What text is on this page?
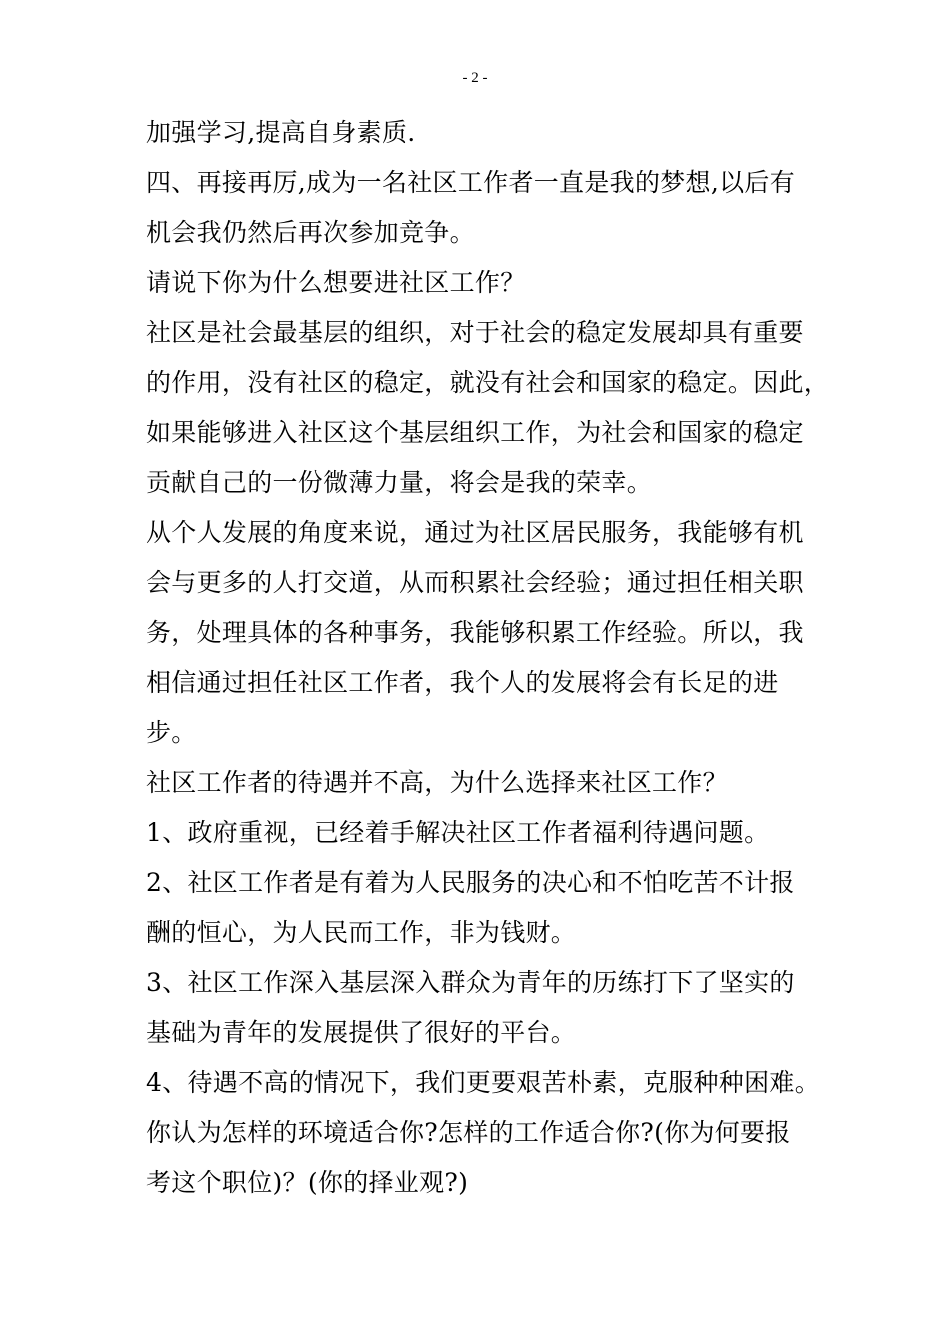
- 2 -
加强学习,提高自身素质.
四、再接再厉,成为一名社区工作者一直是我的梦想,以后有
机会我仍然后再次参加竞争。
请说下你为什么想要进社区工作？
社区是社会最基层的组织，对于社会的稳定发展却具有重要
的作用，没有社区的稳定，就没有社会和国家的稳定。因此，
如果能够进入社区这个基层组织工作，为社会和国家的稳定
贡献自己的一份微薄力量，将会是我的荣幸。
从个人发展的角度来说，通过为社区居民服务，我能够有机
会与更多的人打交道，从而积累社会经验；通过担任相关职
务，处理具体的各种事务，我能够积累工作经验。所以，我
相信通过担任社区工作者，我个人的发展将会有长足的进
步。
社区工作者的待遇并不高，为什么选择来社区工作？
1、政府重视，已经着手解决社区工作者福利待遇问题。
2、社区工作者是有着为人民服务的决心和不怕吃苦不计报
酬的恒心，为人民而工作，非为钱财。
3、社区工作深入基层深入群众为青年的历练打下了坚实的
基础为青年的发展提供了很好的平台。
4、待遇不高的情况下，我们更要艰苦朴素，克服种种困难。
你认为怎样的环境适合你?怎样的工作适合你?(你为何要报
考这个职位)？(你的择业观?)
